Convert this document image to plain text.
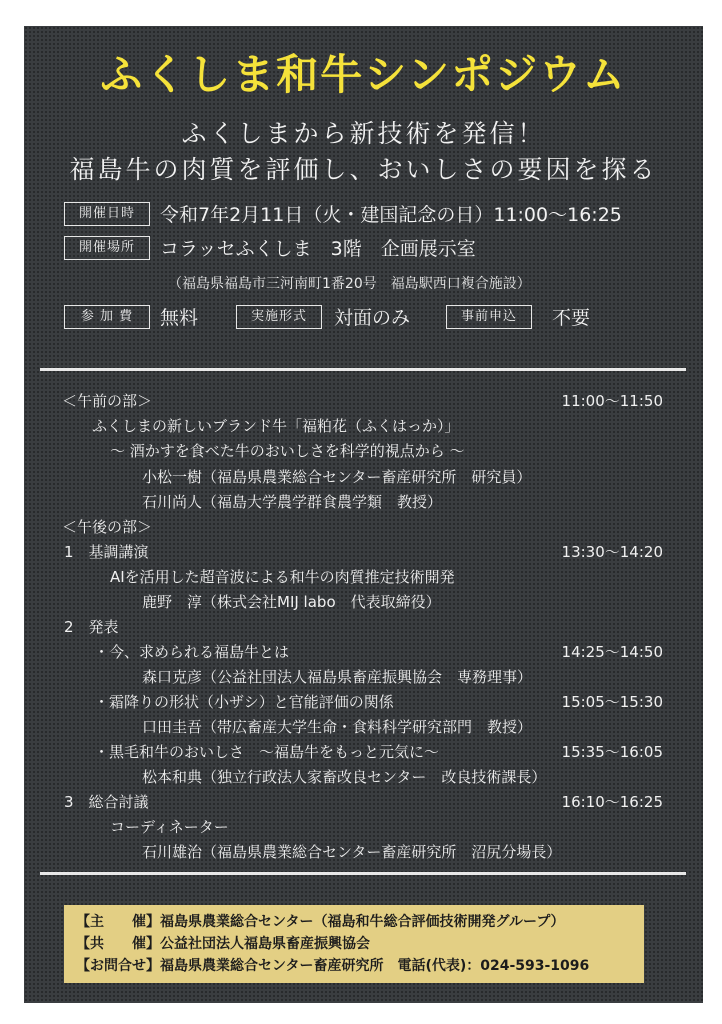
ふくしま和牛シンポジウム
ふくしまから新技術を発信！
福島牛の肉質を評価し、おいしさの要因を探る
開催日時	令和7年2月11日（火・建国記念の日）11:00〜16:25
開催場所	コラッセふくしま　3階　企画展示室
（福島県福島市三河南町1番20号　福島駅西口複合施設）
参 加 費	無料	実施形式	対面のみ	事前申込	不要
＜午前の部＞	11:00〜11:50
ふくしまの新しいブランド牛「福粕花（ふくはっか）」
〜 酒かすを食べた牛のおいしさを科学的視点から 〜
小松一樹（福島県農業総合センター畜産研究所　研究員）
石川尚人（福島大学農学群食農学類　教授）
＜午後の部＞
1　基調講演	13:30〜14:20
AIを活用した超音波による和牛の肉質推定技術開発
鹿野　淳（株式会社MIJ labo　代表取締役）
2　発表
・今、求められる福島牛とは	14:25〜14:50
森口克彦（公益社団法人福島県畜産振興協会　専務理事）
・霜降りの形状（小ザシ）と官能評価の関係	15:05〜15:30
口田圭吾（帯広畜産大学生命・食料科学研究部門　教授）
・黒毛和牛のおいしさ　〜福島牛をもっと元気に〜	15:35〜16:05
松本和典（独立行政法人家畜改良センター　改良技術課長）
3　総合討議	16:10〜16:25
コーディネーター
石川雄治（福島県農業総合センター畜産研究所　沼尻分場長）
【主　　催】福島県農業総合センター（福島和牛総合評価技術開発グループ）
【共　　催】公益社団法人福島県畜産振興協会
【お問合せ】福島県農業総合センター畜産研究所　電話(代表)：024-593-1096
